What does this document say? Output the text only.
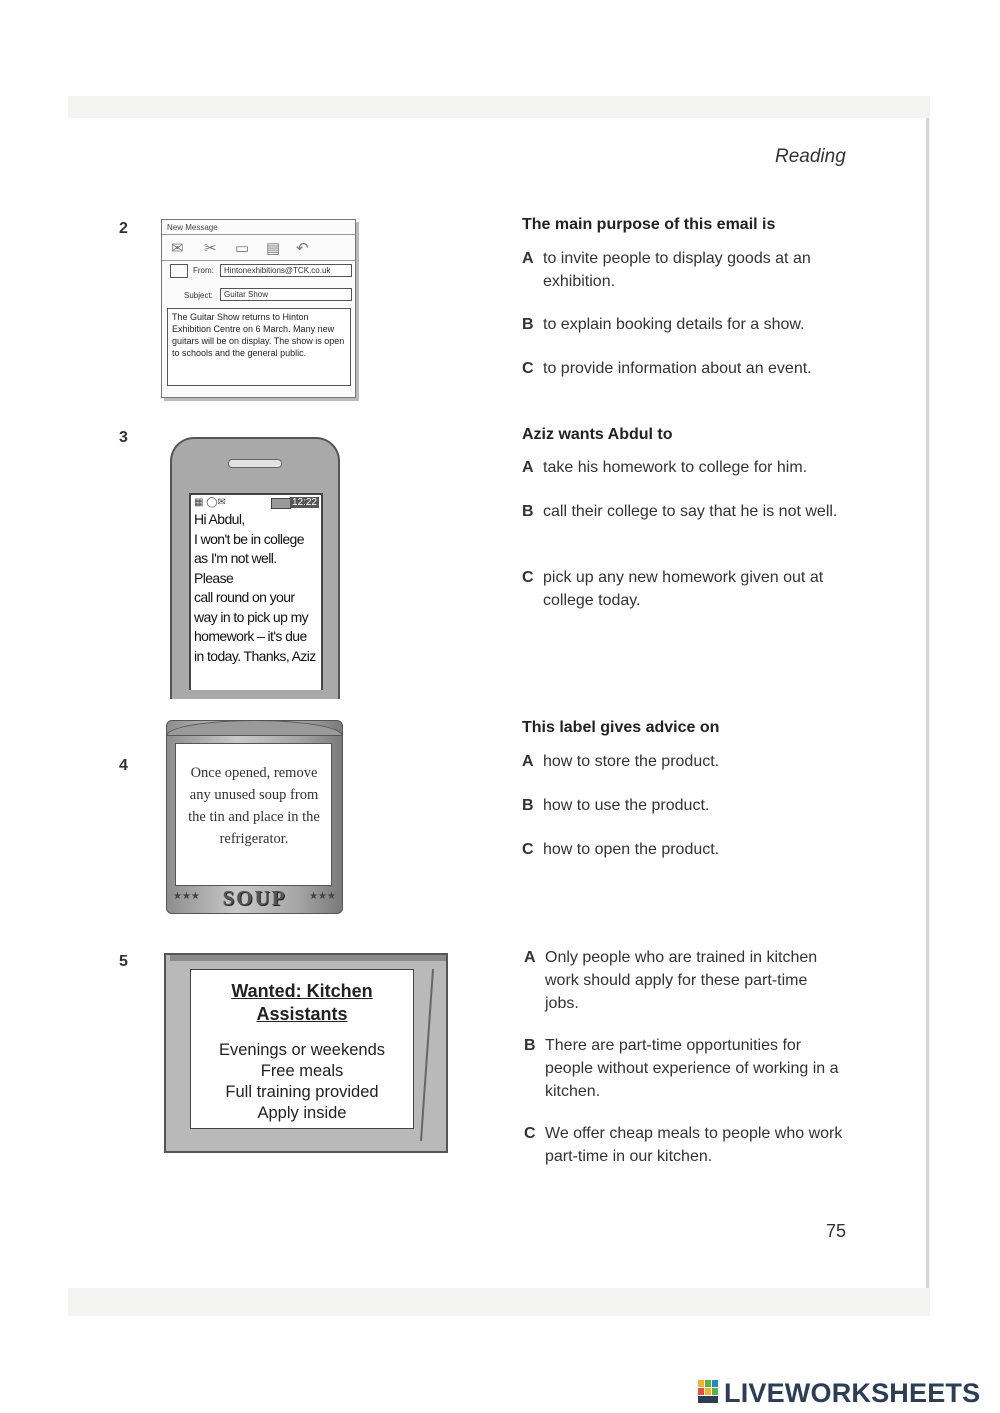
Reading
2	New Message
✉ ✂ ▭ ▤ ↶
From:	Hintonexhibitions@TCK.co.uk
Subject:	Guitar Show
The Guitar Show returns to Hinton Exhibition Centre on 6 March. Many new guitars will be on display. The show is open to schools and the general public.
The main purpose of this email is
A to invite people to display goods at an exhibition.
B to explain booking details for a show.
C to provide information about an event.
3
▦ ◯✉	12:22
Hi Abdul,
I won't be in college
as I'm not well. Please
call round on your
way in to pick up my
homework – it's due
in today. Thanks, Aziz
Aziz wants Abdul to
A take his homework to college for him.
B call their college to say that he is not well.
C pick up any new homework given out at college today.
4	Once opened, remove any unused soup from the tin and place in the refrigerator.
★★★	SOUP	★★★
This label gives advice on
A how to store the product.
B how to use the product.
C how to open the product.
5
Wanted: Kitchen
Assistants
Evenings or weekends
Free meals
Full training provided
Apply inside
A Only people who are trained in kitchen work should apply for these part-time jobs.
B There are part-time opportunities for people without experience of working in a kitchen.
C We offer cheap meals to people who work part-time in our kitchen.
75
LIVEWORKSHEETS
